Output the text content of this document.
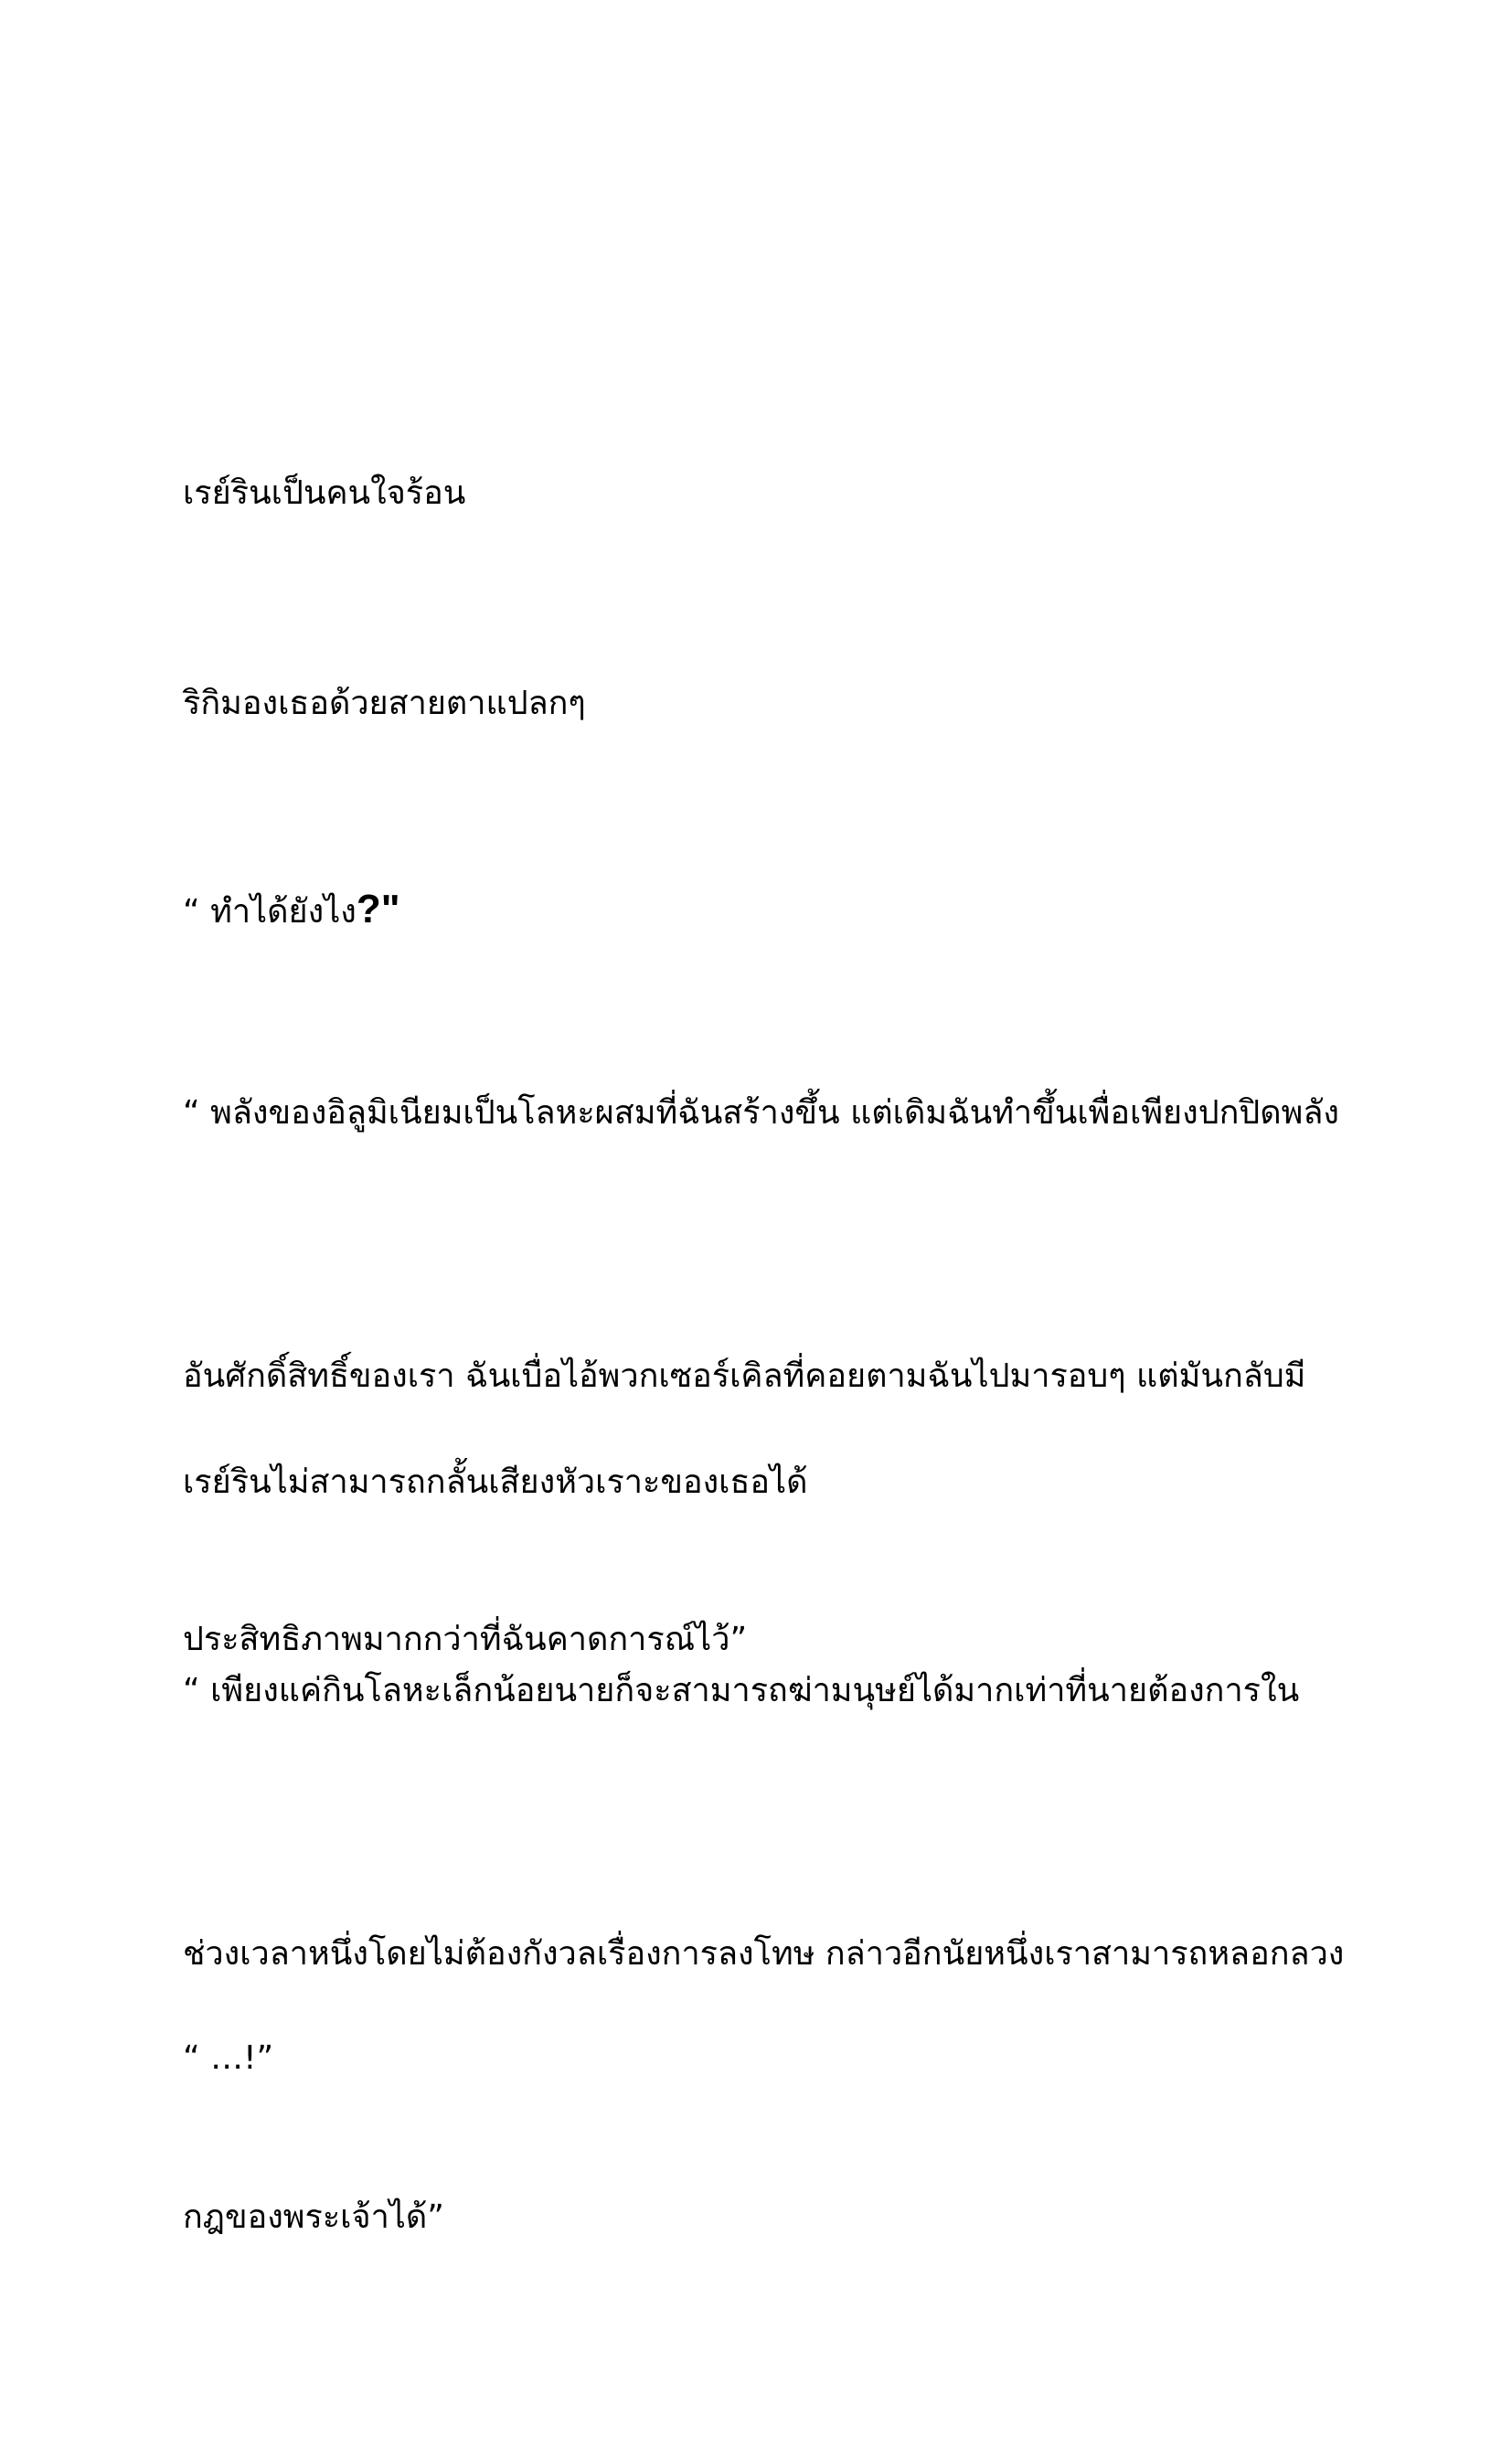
เรย์รินเป็นคนใจร้อน

ริกิมองเธอด้วยสายตาแปลกๆ

“ ทำได้ยังไง?"

“ พลังของอิลูมิเนียมเป็นโลหะผสมที่ฉันสร้างขึ้น แต่เดิมฉันทำขึ้นเพื่อเพียงปกปิดพลัง

อันศักดิ์สิทธิ์ของเรา ฉันเบื่อไอ้พวกเซอร์เคิลที่คอยตามฉันไปมารอบๆ แต่มันกลับมี

ประสิทธิภาพมากกว่าที่ฉันคาดการณ์ไว้”

เรย์รินไม่สามารถกลั้นเสียงหัวเราะของเธอได้

“ เพียงแค่กินโลหะเล็กน้อยนายก็จะสามารถฆ่ามนุษย์ได้มากเท่าที่นายต้องการใน

ช่วงเวลาหนึ่งโดยไม่ต้องกังวลเรื่องการลงโทษ กล่าวอีกนัยหนึ่งเราสามารถหลอกลวง

กฎของพระเจ้าได้”

“ …!”
